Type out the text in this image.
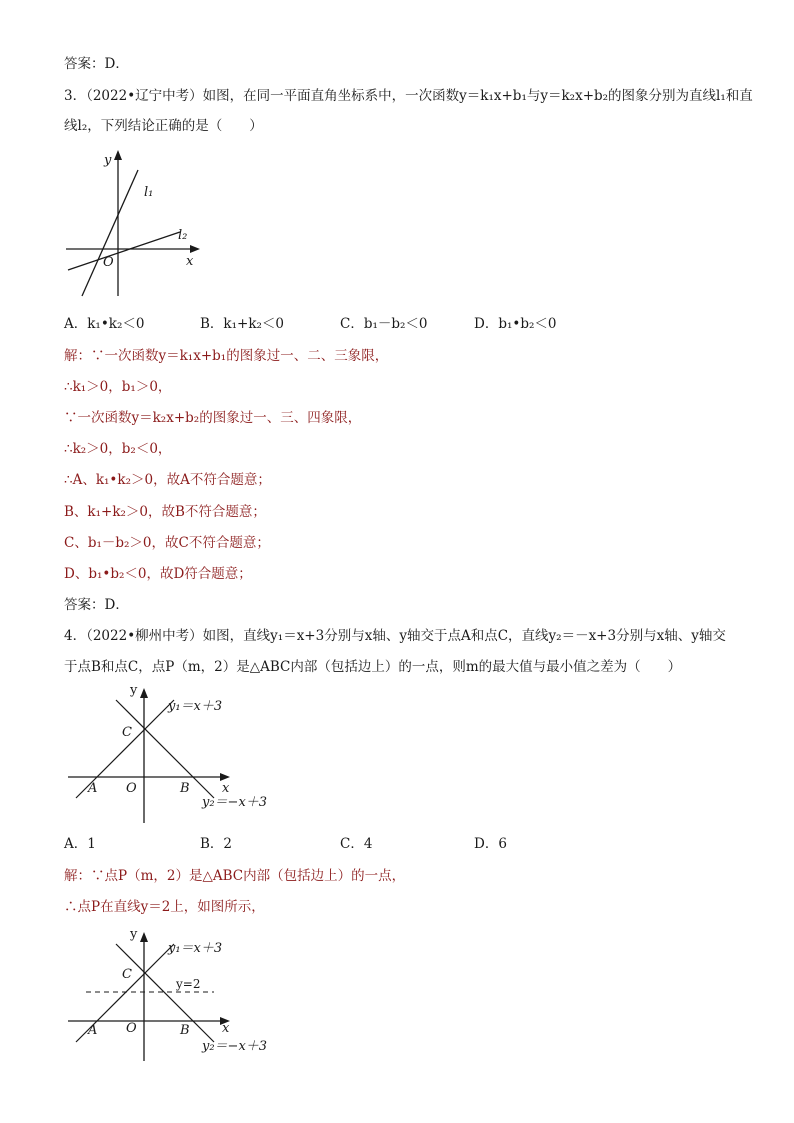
答案：D．
3．（2022•辽宁中考）如图，在同一平面直角坐标系中，一次函数y＝k₁x+b₁与y＝k₂x+b₂的图象分别为直线l₁和直
线l₂，下列结论正确的是（　　）
y
x
O
l₁
l₂
A．k₁•k₂＜0	B．k₁+k₂＜0	C．b₁－b₂＜0	D．b₁•b₂＜0
解：∵一次函数y＝k₁x+b₁的图象过一、二、三象限，
∴k₁＞0，b₁＞0，
∵一次函数y＝k₂x+b₂的图象过一、三、四象限，
∴k₂＞0，b₂＜0，
∴A、k₁•k₂＞0，故A不符合题意；
B、k₁+k₂＞0，故B不符合题意；
C、b₁－b₂＞0，故C不符合题意；
D、b₁•b₂＜0，故D符合题意；
答案：D．
4．（2022•柳州中考）如图，直线y₁＝x+3分别与x轴、y轴交于点A和点C，直线y₂＝－x+3分别与x轴、y轴交
于点B和点C，点P（m，2）是△ABC内部（包括边上）的一点，则m的最大值与最小值之差为（　　）
y
x
O
A	B
C
y₁＝x＋3
y₂＝−x＋3
A．1	B．2	C．4	D．6
解：∵点P（m，2）是△ABC内部（包括边上）的一点，
∴点P在直线y＝2上，如图所示，
y
x
O
A	B
C
y=2
y₁＝x＋3
y₂＝−x＋3
